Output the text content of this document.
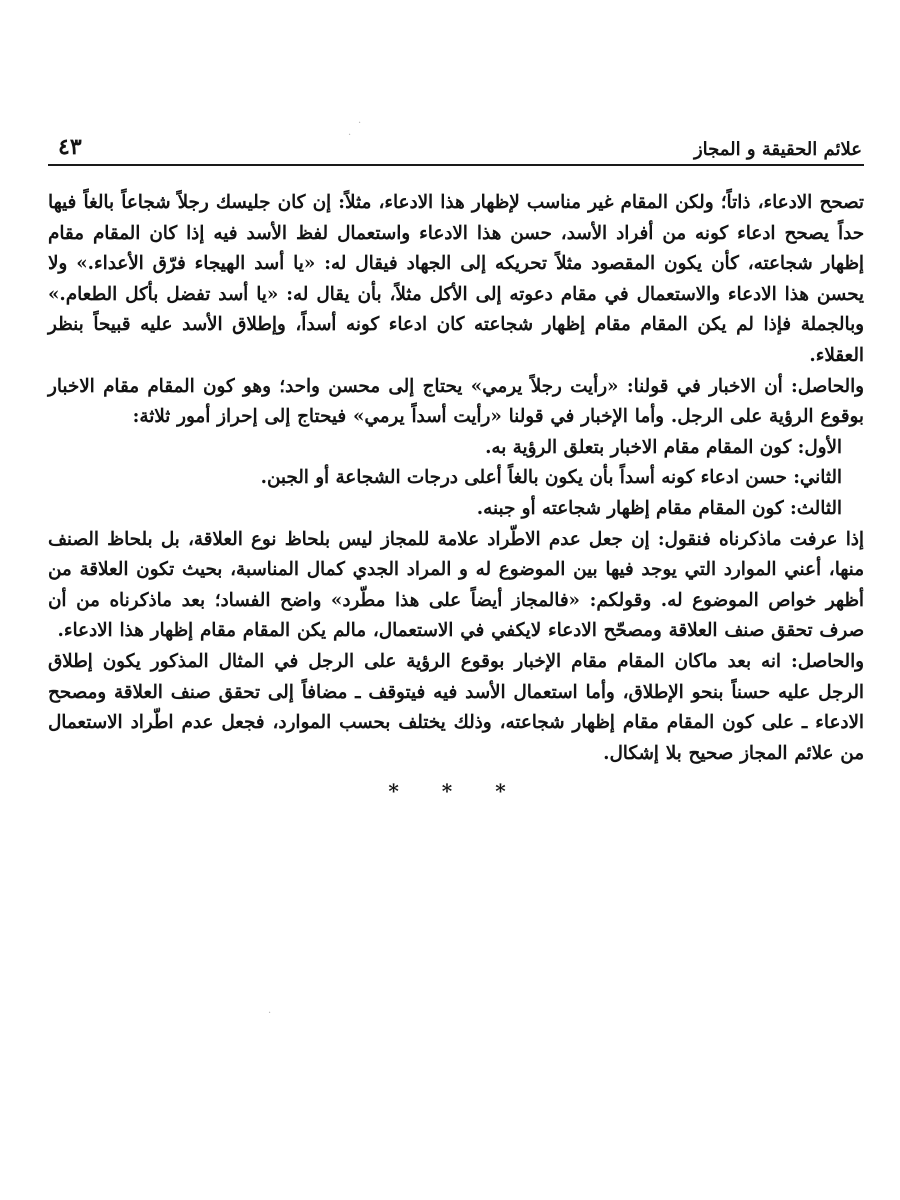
·
·
·
علائم الحقيقة و المجاز
٤٣

تصحح الادعاء، ذاتاً؛ ولكن المقام غير مناسب لإظهار هذا الادعاء، مثلاً: إن كان جليسك رجلاً شجاعاً بالغاً فيها حداً يصحح ادعاء كونه من أفراد الأسد، حسن هذا الادعاء واستعمال لفظ الأسد فيه إذا كان المقام مقام إظهار شجاعته، كأن يكون المقصود مثلاً تحريكه إلى الجهاد فيقال له: «يا أسد الهيجاء فرّق الأعداء.» ولا يحسن هذا الادعاء والاستعمال في مقام دعوته إلى الأكل مثلاً، بأن يقال له: «يا أسد تفضل بأكل الطعام.» وبالجملة فإذا لم يكن المقام مقام إظهار شجاعته كان ادعاء كونه أسداً، وإطلاق الأسد عليه قبيحاً بنظر العقلاء.

والحاصل: أن الاخبار في قولنا: «رأيت رجلاً يرمي» يحتاج إلى محسن واحد؛ وهو كون المقام مقام الاخبار بوقوع الرؤية على الرجل. وأما الإخبار في قولنا «رأيت أسداً يرمي» فيحتاج إلى إحراز أمور ثلاثة:

الأول: كون المقام مقام الاخبار بتعلق الرؤية به.

الثاني: حسن ادعاء كونه أسداً بأن يكون بالغاً أعلى درجات الشجاعة أو الجبن.

الثالث: كون المقام مقام إظهار شجاعته أو جبنه.

إذا عرفت ماذكرناه فنقول: إن جعل عدم الاطّراد علامة للمجاز ليس بلحاظ نوع العلاقة، بل بلحاظ الصنف منها، أعني الموارد التي يوجد فيها بين الموضوع له و المراد الجدي كمال المناسبة، بحيث تكون العلاقة من أظهر خواص الموضوع له. وقولكم: «فالمجاز أيضاً على هذا مطّرد» واضح الفساد؛ بعد ماذكرناه من أن صرف تحقق صنف العلاقة ومصحّح الادعاء لايكفي في الاستعمال، مالم يكن المقام مقام إظهار هذا الادعاء.

والحاصل: انه بعد ماكان المقام مقام الإخبار بوقوع الرؤية على الرجل في المثال المذكور يكون إطلاق الرجل عليه حسناً بنحو الإطلاق، وأما استعمال الأسد فيه فيتوقف ـ مضافاً إلى تحقق صنف العلاقة ومصحح الادعاء ـ على كون المقام مقام إظهار شجاعته، وذلك يختلف بحسب الموارد، فجعل عدم اطّراد الاستعمال من علائم المجاز صحيح بلا إشكال.

* * *
